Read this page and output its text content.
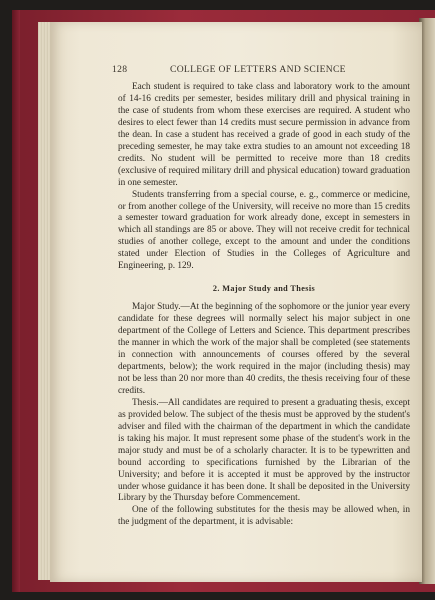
128	COLLEGE OF LETTERS AND SCIENCE

Each student is required to take class and laboratory work to the amount of 14-16 credits per semester, besides military drill and physical training in the case of students from whom these exercises are required. A student who desires to elect fewer than 14 credits must secure permission in advance from the dean. In case a student has received a grade of good in each study of the preceding semester, he may take extra studies to an amount not exceeding 18 credits. No student will be permitted to receive more than 18 credits (exclusive of required military drill and physical education) toward graduation in one semester.

Students transferring from a special course, e. g., commerce or medicine, or from another college of the University, will receive no more than 15 credits a semester toward graduation for work already done, except in semesters in which all standings are 85 or above. They will not receive credit for technical studies of another college, except to the amount and under the conditions stated under Election of Studies in the Colleges of Agriculture and Engineering, p. 129.

2. Major Study and Thesis

Major Study.—At the beginning of the sophomore or the junior year every candidate for these degrees will normally select his major subject in one department of the College of Letters and Science. This department prescribes the manner in which the work of the major shall be completed (see statements in connection with announcements of courses offered by the several departments, below); the work required in the major (including thesis) may not be less than 20 nor more than 40 credits, the thesis receiving four of these credits.

Thesis.—All candidates are required to present a graduating thesis, except as provided below. The subject of the thesis must be approved by the student's adviser and filed with the chairman of the department in which the candidate is taking his major. It must represent some phase of the student's work in the major study and must be of a scholarly character. It is to be typewritten and bound according to specifications furnished by the Librarian of the University; and before it is accepted it must be approved by the instructor under whose guidance it has been done. It shall be deposited in the University Library by the Thursday before Commencement.

One of the following substitutes for the thesis may be allowed when, in the judgment of the department, it is advisable:
